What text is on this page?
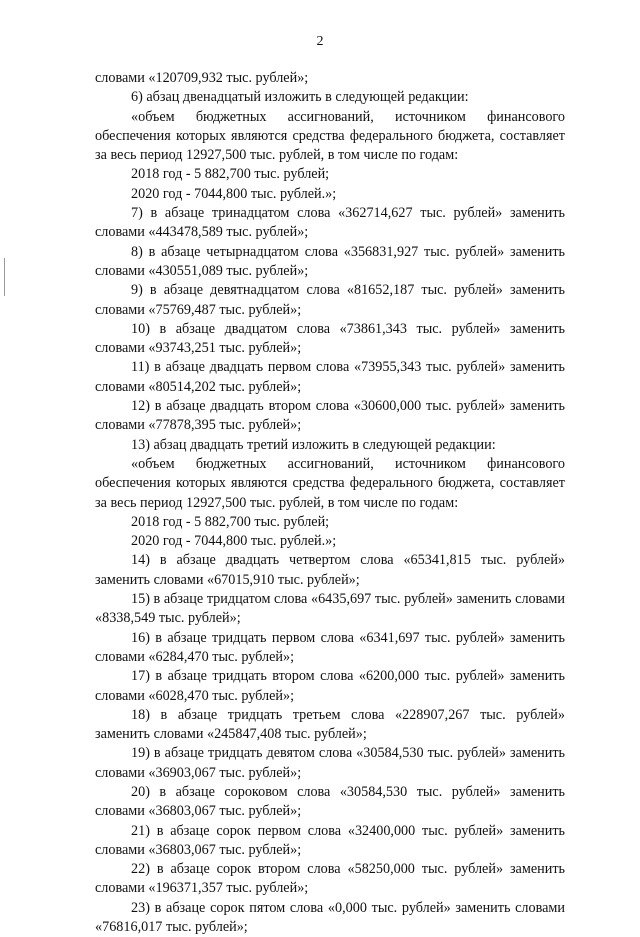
2

словами «120709,932 тыс. рублей»;

6) абзац двенадцатый изложить в следующей редакции:

«объем бюджетных ассигнований, источником финансового обеспечения которых являются средства федерального бюджета, составляет за весь период 12927,500 тыс. рублей, в том числе по годам:

2018 год - 5 882,700 тыс. рублей;

2020 год - 7044,800 тыс. рублей.»;

7) в абзаце тринадцатом слова «362714,627 тыс. рублей» заменить словами «443478,589 тыс. рублей»;

8) в абзаце четырнадцатом слова «356831,927 тыс. рублей» заменить словами «430551,089 тыс. рублей»;

9) в абзаце девятнадцатом слова «81652,187 тыс. рублей» заменить словами «75769,487 тыс. рублей»;

10) в абзаце двадцатом слова «73861,343 тыс. рублей» заменить словами «93743,251 тыс. рублей»;

11) в абзаце двадцать первом слова «73955,343 тыс. рублей» заменить словами «80514,202 тыс. рублей»;

12) в абзаце двадцать втором слова «30600,000 тыс. рублей» заменить словами «77878,395 тыс. рублей»;

13) абзац двадцать третий изложить в следующей редакции:

«объем бюджетных ассигнований, источником финансового обеспечения которых являются средства федерального бюджета, составляет за весь период 12927,500 тыс. рублей, в том числе по годам:

2018 год - 5 882,700 тыс. рублей;

2020 год - 7044,800 тыс. рублей.»;

14) в абзаце двадцать четвертом слова «65341,815 тыс. рублей» заменить словами «67015,910 тыс. рублей»;

15) в абзаце тридцатом слова «6435,697 тыс. рублей» заменить словами «8338,549 тыс. рублей»;

16) в абзаце тридцать первом слова «6341,697 тыс. рублей» заменить словами «6284,470 тыс. рублей»;

17) в абзаце тридцать втором слова «6200,000 тыс. рублей» заменить словами «6028,470 тыс. рублей»;

18) в абзаце тридцать третьем слова «228907,267 тыс. рублей» заменить словами «245847,408 тыс. рублей»;

19) в абзаце тридцать девятом слова «30584,530 тыс. рублей» заменить словами «36903,067 тыс. рублей»;

20) в абзаце сороковом слова «30584,530 тыс. рублей» заменить словами «36803,067 тыс. рублей»;

21) в абзаце сорок первом слова «32400,000 тыс. рублей» заменить словами «36803,067 тыс. рублей»;

22) в абзаце сорок втором слова «58250,000 тыс. рублей» заменить словами «196371,357 тыс. рублей»;

23) в абзаце сорок пятом слова «0,000 тыс. рублей» заменить словами «76816,017 тыс. рублей»;
